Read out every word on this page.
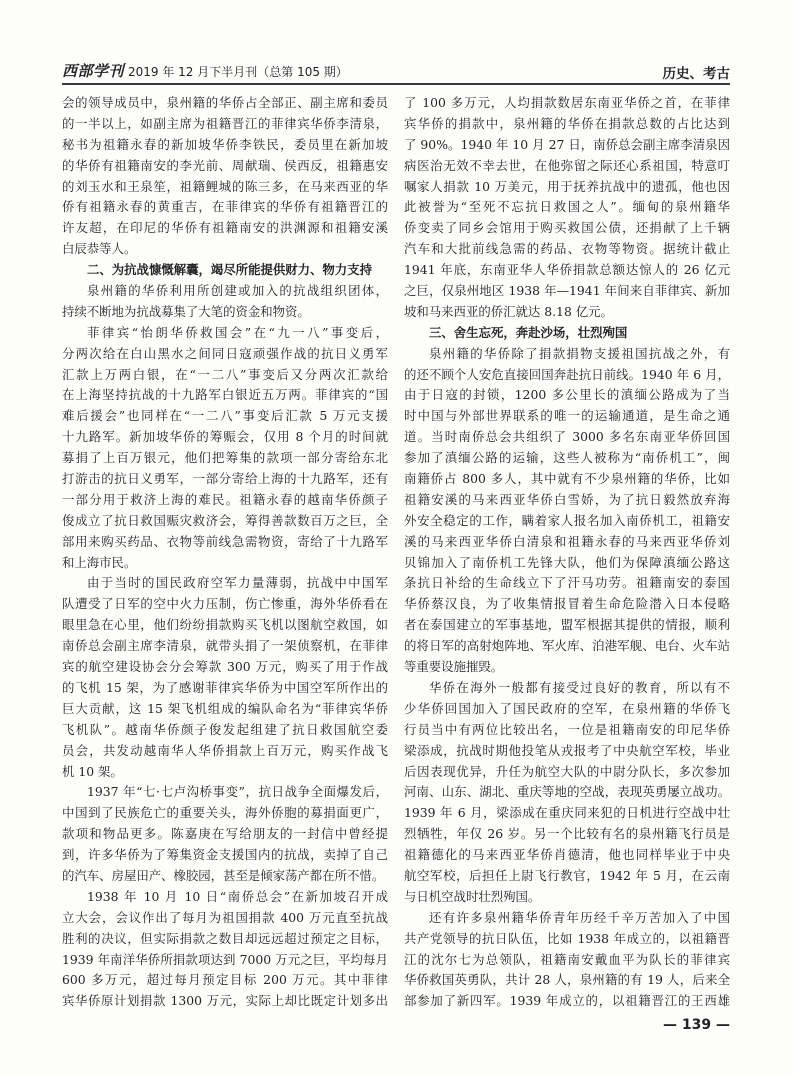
西部学刊 2019 年 12 月下半月刊（总第 105 期）	历史、考古
会的领导成员中，泉州籍的华侨占全部正、副主席和委员
的一半以上，如副主席为祖籍晋江的菲律宾华侨李清泉，
秘书为祖籍永春的新加坡华侨李铁民，委员里在新加坡
的华侨有祖籍南安的李光前、周献瑞、侯西反，祖籍惠安
的刘玉水和王泉笙，祖籍鲤城的陈三多，在马来西亚的华
侨有祖籍永春的黄重吉，在菲律宾的华侨有祖籍晋江的
许友超，在印尼的华侨有祖籍南安的洪渊源和祖籍安溪
白辰恭等人。
二、为抗战慷慨解囊，竭尽所能提供财力、物力支持
泉州籍的华侨利用所创建或加入的抗战组织团体，
持续不断地为抗战募集了大笔的资金和物资。
菲律宾“怡朗华侨救国会”在“九一八”事变后，
分两次给在白山黑水之间同日寇顽强作战的抗日义勇军
汇款上万两白银，在“一二八”事变后又分两次汇款给
在上海坚持抗战的十九路军白银近五万两。菲律宾的“国
难后援会”也同样在“一二八”事变后汇款 5 万元支援
十九路军。新加坡华侨的筹赈会，仅用 8 个月的时间就
募捐了上百万银元，他们把筹集的款项一部分寄给东北
打游击的抗日义勇军，一部分寄给上海的十九路军，还有
一部分用于救济上海的难民。祖籍永春的越南华侨颜子
俊成立了抗日救国赈灾救济会，筹得善款数百万之巨，全
部用来购买药品、衣物等前线急需物资，寄给了十九路军
和上海市民。
由于当时的国民政府空军力量薄弱，抗战中中国军
队遭受了日军的空中火力压制，伤亡惨重，海外华侨看在
眼里急在心里，他们纷纷捐款购买飞机以图航空救国，如
南侨总会副主席李清泉，就带头捐了一架侦察机，在菲律
宾的航空建设协会分会筹款 300 万元，购买了用于作战
的飞机 15 架，为了感谢菲律宾华侨为中国空军所作出的
巨大贡献，这 15 架飞机组成的编队命名为“菲律宾华侨
飞机队”。越南华侨颜子俊发起组建了抗日救国航空委
员会，共发动越南华人华侨捐款上百万元，购买作战飞
机 10 架。
1937 年“七·七卢沟桥事变”，抗日战争全面爆发后，
中国到了民族危亡的重要关头，海外侨胞的募捐面更广，
款项和物品更多。陈嘉庚在写给朋友的一封信中曾经提
到，许多华侨为了筹集资金支援国内的抗战，卖掉了自己
的汽车、房屋田产、橡胶园，甚至是倾家荡产都在所不惜。
1938 年 10 月 10 日“南侨总会”在新加坡召开成
立大会，会议作出了每月为祖国捐款 400 万元直至抗战
胜利的决议，但实际捐款之数目却远远超过预定之目标，
1939 年南洋华侨所捐款项达到 7000 万元之巨，平均每月
600 多万元，超过每月预定目标 200 万元。其中菲律
宾华侨原计划捐款 1300 万元，实际上却比既定计划多出
了 100 多万元，人均捐款数居东南亚华侨之首，在菲律
宾华侨的捐款中，泉州籍的华侨在捐款总数的占比达到
了 90%。1940 年 10 月 27 日，南侨总会副主席李清泉因
病医治无效不幸去世，在他弥留之际还心系祖国，特意叮
嘱家人捐款 10 万美元，用于抚养抗战中的遗孤，他也因
此被誉为“至死不忘抗日救国之人”。缅甸的泉州籍华
侨变卖了同乡会馆用于购买救国公债，还捐献了上千辆
汽车和大批前线急需的药品、衣物等物资。据统计截止
1941 年底，东南亚华人华侨捐款总额达惊人的 26 亿元
之巨，仅泉州地区 1938 年—1941 年间来自菲律宾、新加
坡和马来西亚的侨汇就达 8.18 亿元。
三、舍生忘死，奔赴沙场，壮烈殉国
泉州籍的华侨除了捐款捐物支援祖国抗战之外，有
的还不顾个人安危直接回国奔赴抗日前线。1940 年 6 月，
由于日寇的封锁，1200 多公里长的滇缅公路成为了当
时中国与外部世界联系的唯一的运输通道，是生命之通
道。当时南侨总会共组织了 3000 多名东南亚华侨回国
参加了滇缅公路的运输，这些人被称为“南侨机工”，闽
南籍侨占 800 多人，其中就有不少泉州籍的华侨，比如
祖籍安溪的马来西亚华侨白雪娇，为了抗日毅然放弃海
外安全稳定的工作，瞒着家人报名加入南侨机工，祖籍安
溪的马来西亚华侨白清泉和祖籍永春的马来西亚华侨刘
贝锦加入了南侨机工先锋大队，他们为保障滇缅公路这
条抗日补给的生命线立下了汗马功劳。祖籍南安的泰国
华侨蔡汉良，为了收集情报冒着生命危险潜入日本侵略
者在泰国建立的军事基地，盟军根据其提供的情报，顺利
的将日军的高射炮阵地、军火库、泊港军舰、电台、火车站
等重要设施摧毁。
华侨在海外一般都有接受过良好的教育，所以有不
少华侨回国加入了国民政府的空军，在泉州籍的华侨飞
行员当中有两位比较出名，一位是祖籍南安的印尼华侨
梁添成，抗战时期他投笔从戎报考了中央航空军校，毕业
后因表现优异，升任为航空大队的中尉分队长，多次参加
河南、山东、湖北、重庆等地的空战，表现英勇屡立战功。
1939 年 6 月，梁添成在重庆同来犯的日机进行空战中壮
烈牺牲，年仅 26 岁。另一个比较有名的泉州籍飞行员是
祖籍德化的马来西亚华侨肖德清，他也同样毕业于中央
航空军校，后担任上尉飞行教官，1942 年 5 月，在云南
与日机空战时壮烈殉国。
还有许多泉州籍华侨青年历经千辛万苦加入了中国
共产党领导的抗日队伍，比如 1938 年成立的，以祖籍晋
江的沈尔七为总领队，祖籍南安戴血平为队长的菲律宾
华侨救国英勇队，共计 28 人，泉州籍的有 19 人，后来全
部参加了新四军。1939 年成立的，以祖籍晋江的王西雄
— 139 —
